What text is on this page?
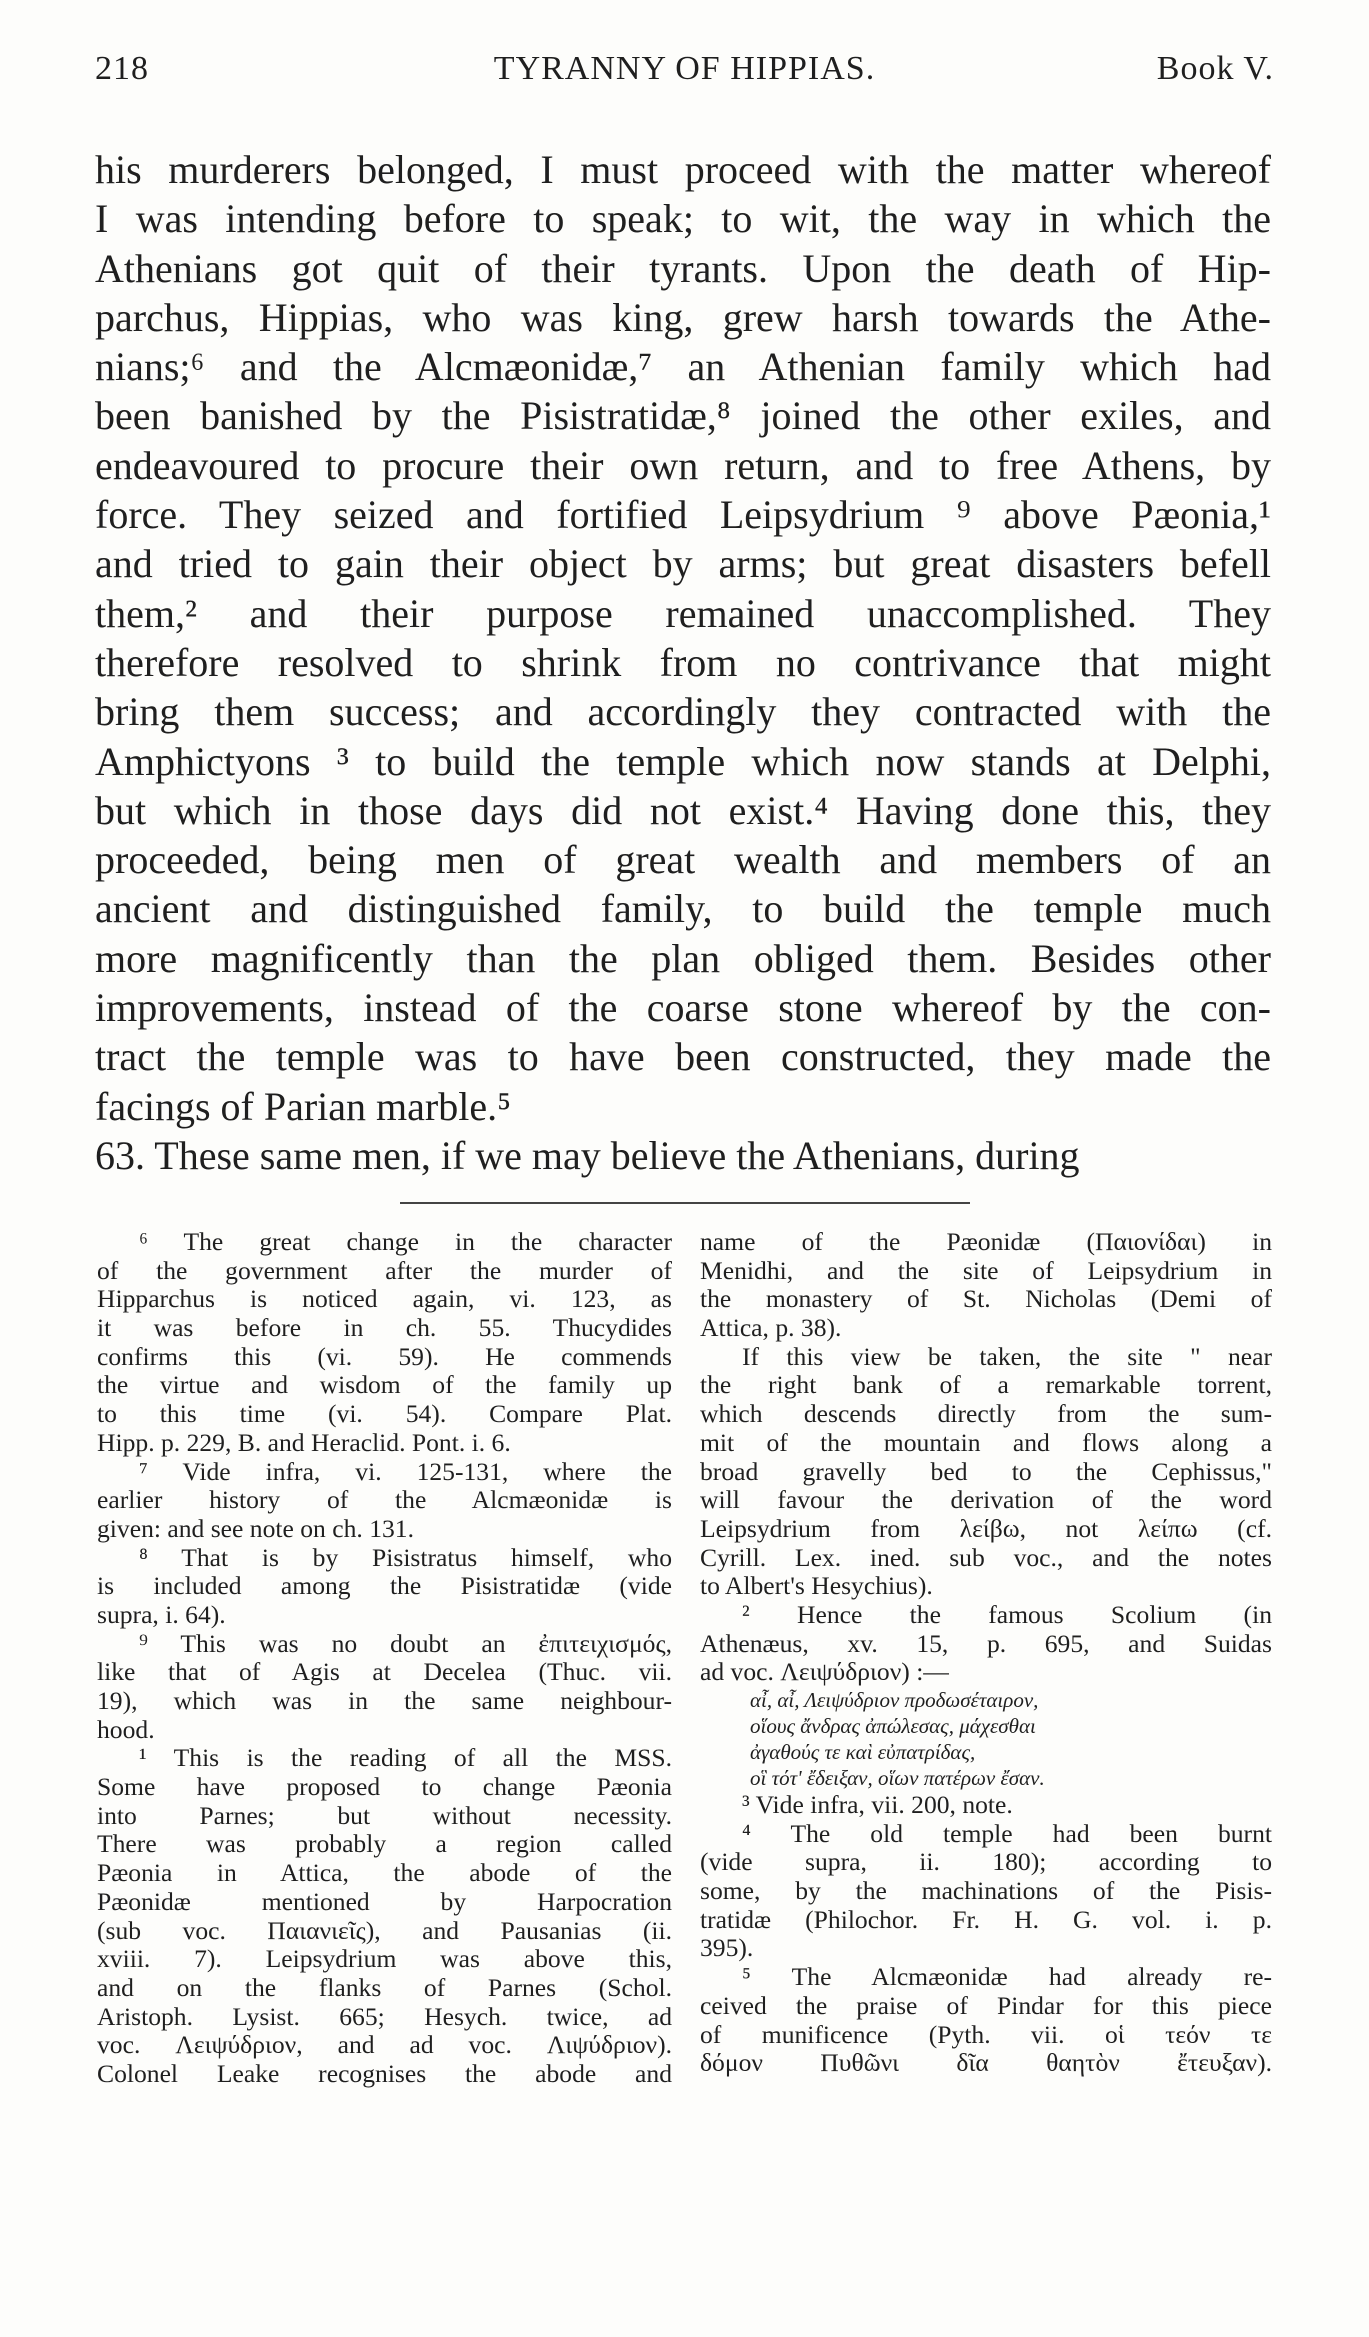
218	TYRANNY OF HIPPIAS.	Book V.
his murderers belonged, I must proceed with the matter whereof
I was intending before to speak; to wit, the way in which the
Athenians got quit of their tyrants. Upon the death of Hip-
parchus, Hippias, who was king, grew harsh towards the Athe-
nians;⁶ and the Alcmæonidæ,⁷ an Athenian family which had
been banished by the Pisistratidæ,⁸ joined the other exiles, and
endeavoured to procure their own return, and to free Athens, by
force. They seized and fortified Leipsydrium ⁹ above Pæonia,¹
and tried to gain their object by arms; but great disasters befell
them,² and their purpose remained unaccomplished. They
therefore resolved to shrink from no contrivance that might
bring them success; and accordingly they contracted with the
Amphictyons ³ to build the temple which now stands at Delphi,
but which in those days did not exist.⁴ Having done this, they
proceeded, being men of great wealth and members of an
ancient and distinguished family, to build the temple much
more magnificently than the plan obliged them. Besides other
improvements, instead of the coarse stone whereof by the con-
tract the temple was to have been constructed, they made the
facings of Parian marble.⁵
63. These same men, if we may believe the Athenians, during
⁶ The great change in the character
of the government after the murder of
Hipparchus is noticed again, vi. 123, as
it was before in ch. 55. Thucydides
confirms this (vi. 59). He commends
the virtue and wisdom of the family up
to this time (vi. 54). Compare Plat.
Hipp. p. 229, B. and Heraclid. Pont. i. 6.
⁷ Vide infra, vi. 125-131, where the
earlier history of the Alcmæonidæ is
given: and see note on ch. 131.
⁸ That is by Pisistratus himself, who
is included among the Pisistratidæ (vide
supra, i. 64).
⁹ This was no doubt an ἐπιτειχισμός,
like that of Agis at Decelea (Thuc. vii.
19), which was in the same neighbour-
hood.
¹ This is the reading of all the MSS.
Some have proposed to change Pæonia
into Parnes; but without necessity.
There was probably a region called
Pæonia in Attica, the abode of the
Pæonidæ mentioned by Harpocration
(sub voc. Παιανιεῖς), and Pausanias (ii.
xviii. 7). Leipsydrium was above this,
and on the flanks of Parnes (Schol.
Aristoph. Lysist. 665; Hesych. twice, ad
voc. Λειψύδριον, and ad voc. Λιψύδριον).
Colonel Leake recognises the abode and
name of the Pæonidæ (Παιονίδαι) in
Menidhi, and the site of Leipsydrium in
the monastery of St. Nicholas (Demi of
Attica, p. 38).
If this view be taken, the site " near
the right bank of a remarkable torrent,
which descends directly from the sum-
mit of the mountain and flows along a
broad gravelly bed to the Cephissus,"
will favour the derivation of the word
Leipsydrium from λείβω, not λείπω (cf.
Cyrill. Lex. ined. sub voc., and the notes
to Albert's Hesychius).
² Hence the famous Scolium (in
Athenæus, xv. 15, p. 695, and Suidas
ad voc. Λειψύδριον) :—
αἶ, αἶ, Λειψύδριον προδωσέταιρον,
οἵους ἄνδρας ἀπώλεσας, μάχεσθαι
ἀγαθούς τε καὶ εὐπατρίδας,
οἳ τότ' ἔδειξαν, οἵων πατέρων ἔσαν.
³ Vide infra, vii. 200, note.
⁴ The old temple had been burnt
(vide supra, ii. 180); according to
some, by the machinations of the Pisis-
tratidæ (Philochor. Fr. H. G. vol. i. p.
395).
⁵ The Alcmæonidæ had already re-
ceived the praise of Pindar for this piece
of munificence (Pyth. vii. οἱ τεόν τε
δόμον Πυθῶνι δῖα θαητὸν ἔτευξαν).
